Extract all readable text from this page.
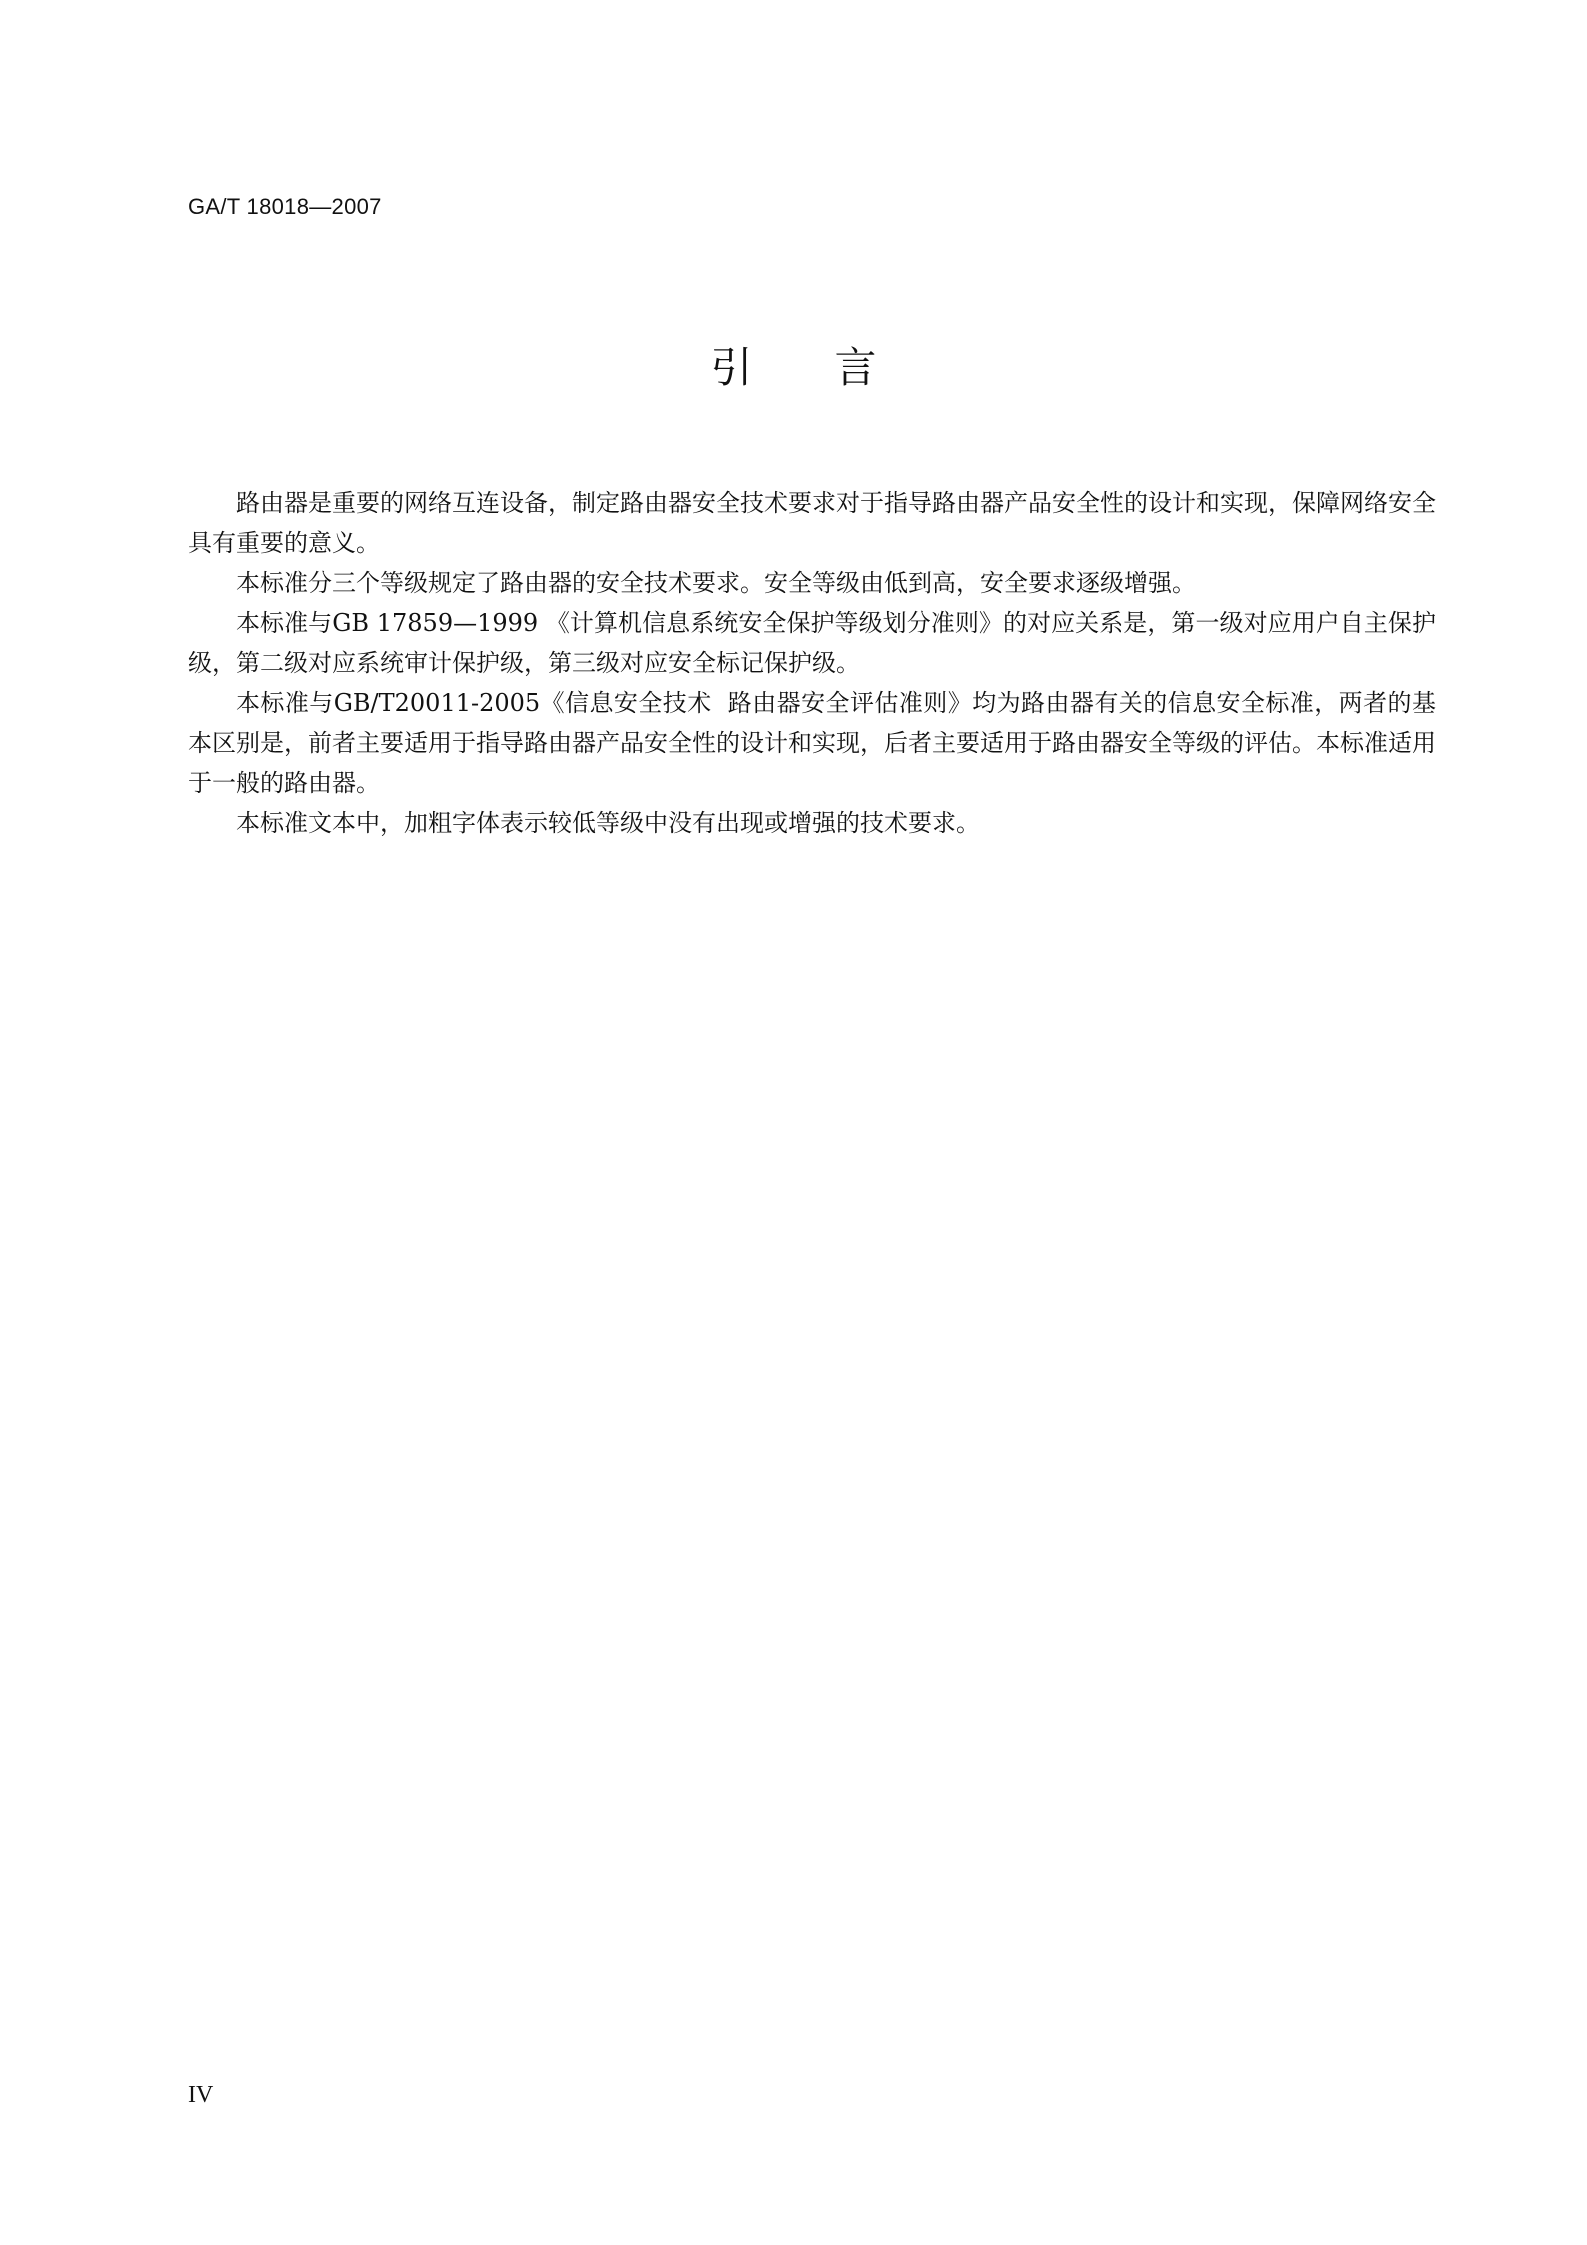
GA/T 18018—2007
引 言

路由器是重要的网络互连设备，制定路由器安全技术要求对于指导路由器产品安全性的设计和实现，保障网络安全具有重要的意义。

本标准分三个等级规定了路由器的安全技术要求。安全等级由低到高，安全要求逐级增强。

本标准与GB 17859—1999 《计算机信息系统安全保护等级划分准则》的对应关系是，第一级对应用户自主保护级，第二级对应系统审计保护级，第三级对应安全标记保护级。

本标准与GB/T20011-2005《信息安全技术  路由器安全评估准则》均为路由器有关的信息安全标准，两者的基本区别是，前者主要适用于指导路由器产品安全性的设计和实现，后者主要适用于路由器安全等级的评估。本标准适用于一般的路由器。

本标准文本中，加粗字体表示较低等级中没有出现或增强的技术要求。

IV
